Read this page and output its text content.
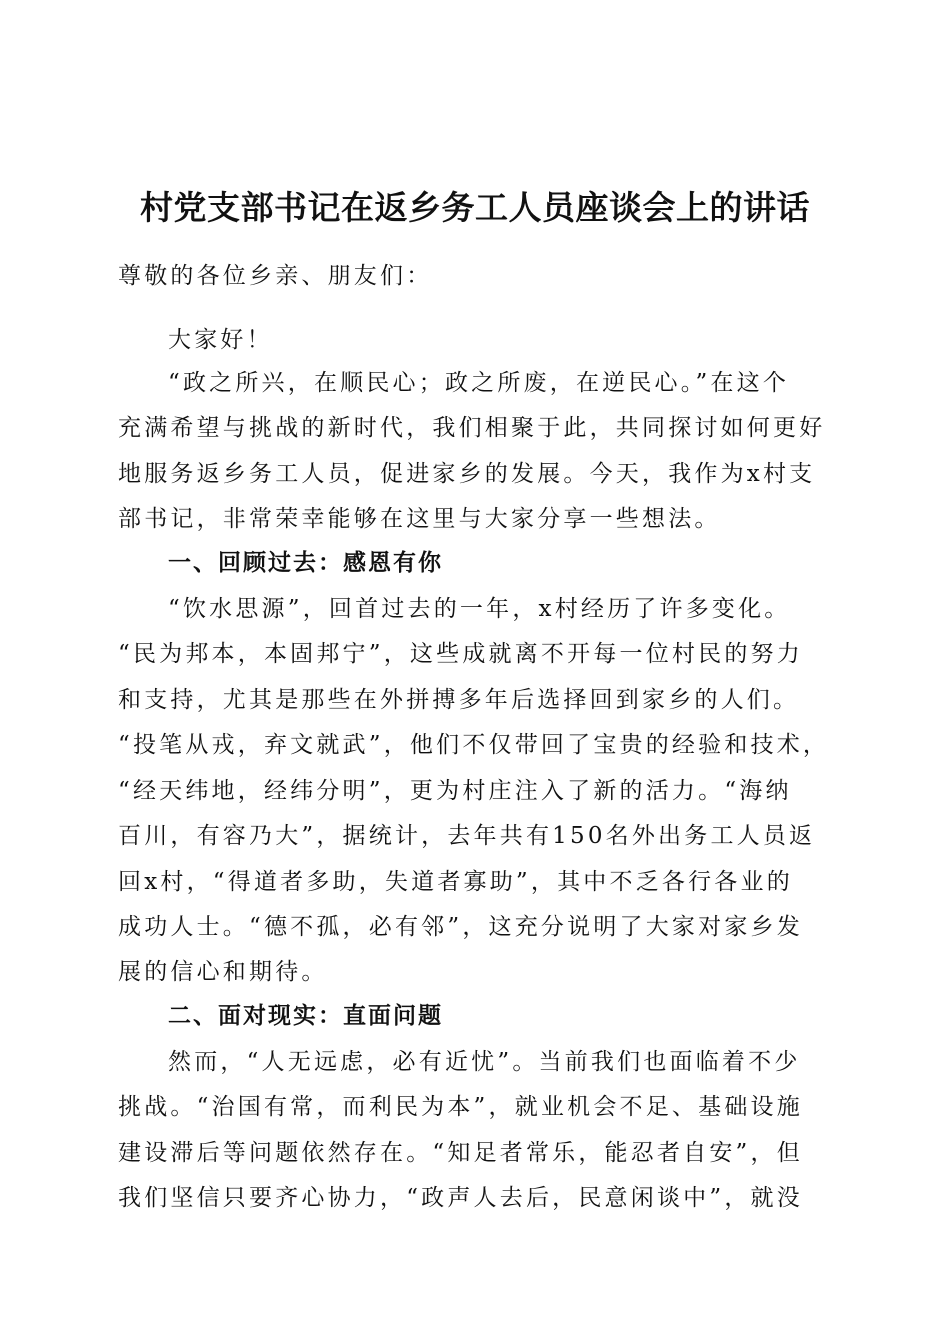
村党支部书记在返乡务工人员座谈会上的讲话
尊敬的各位乡亲、朋友们：
大家好！
“政之所兴，在顺民心；政之所废，在逆民心。”在这个
充满希望与挑战的新时代，我们相聚于此，共同探讨如何更好
地服务返乡务工人员，促进家乡的发展。今天，我作为x村支
部书记，非常荣幸能够在这里与大家分享一些想法。
一、回顾过去：感恩有你
“饮水思源”，回首过去的一年，x村经历了许多变化。
“民为邦本，本固邦宁”，这些成就离不开每一位村民的努力
和支持，尤其是那些在外拼搏多年后选择回到家乡的人们。
“投笔从戎，弃文就武”，他们不仅带回了宝贵的经验和技术，
“经天纬地，经纬分明”，更为村庄注入了新的活力。“海纳
百川，有容乃大”，据统计，去年共有150名外出务工人员返
回x村，“得道者多助，失道者寡助”，其中不乏各行各业的
成功人士。“德不孤，必有邻”，这充分说明了大家对家乡发
展的信心和期待。
二、面对现实：直面问题
然而，“人无远虑，必有近忧”。当前我们也面临着不少
挑战。“治国有常，而利民为本”，就业机会不足、基础设施
建设滞后等问题依然存在。“知足者常乐，能忍者自安”，但
我们坚信只要齐心协力，“政声人去后，民意闲谈中”，就没
